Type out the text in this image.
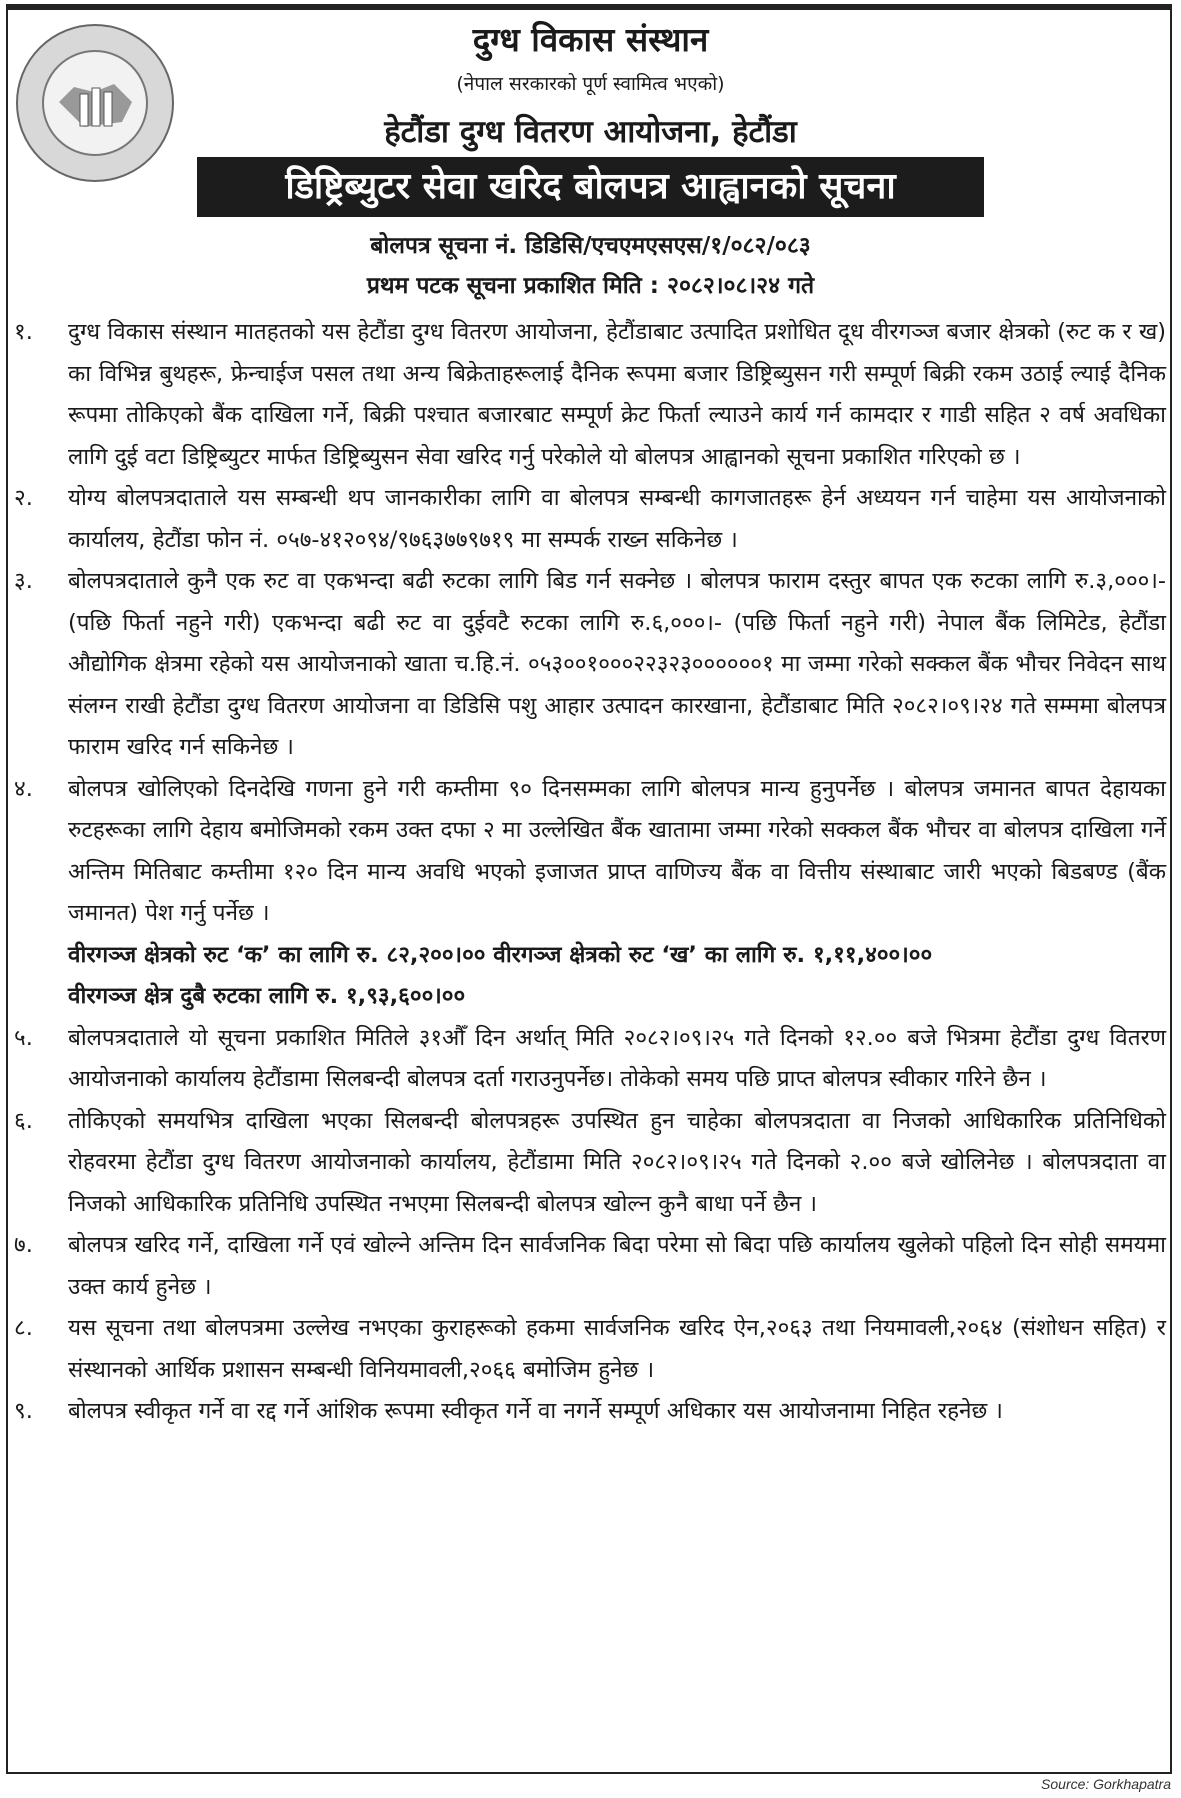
दुग्ध विकास संस्थान
(नेपाल सरकारको पूर्ण स्वामित्व भएको)
हेटौंडा दुग्ध वितरण आयोजना, हेटौंडा
डिष्ट्रिब्युटर सेवा खरिद बोलपत्र आह्वानको सूचना
बोलपत्र सूचना नं. डिडिसि/एचएमएसएस/१/०८२/०८३
प्रथम पटक सूचना प्रकाशित मिति : २०८२।०८।२४ गते
१.	दुग्ध विकास संस्थान मातहतको यस हेटौंडा दुग्ध वितरण आयोजना, हेटौंडाबाट उत्पादित प्रशोधित दूध वीरगञ्ज बजार क्षेत्रको (रुट क र ख) का विभिन्न बुथहरू, फ्रेन्चाईज पसल तथा अन्य बिक्रेताहरूलाई दैनिक रूपमा बजार डिष्ट्रिब्युसन गरी सम्पूर्ण बिक्री रकम उठाई ल्याई दैनिक रूपमा तोकिएको बैंक दाखिला गर्ने, बिक्री पश्चात बजारबाट सम्पूर्ण क्रेट फिर्ता ल्याउने कार्य गर्न कामदार र गाडी सहित २ वर्ष अवधिका लागि दुई वटा डिष्ट्रिब्युटर मार्फत डिष्ट्रिब्युसन सेवा खरिद गर्नु परेकोले यो बोलपत्र आह्वानको सूचना प्रकाशित गरिएको छ ।
२.	योग्य बोलपत्रदाताले यस सम्बन्धी थप जानकारीका लागि वा बोलपत्र सम्बन्धी कागजातहरू हेर्न अध्ययन गर्न चाहेमा यस आयोजनाको कार्यालय, हेटौंडा फोन नं. ०५७-४१२०९४/९७६३७७९७१९ मा सम्पर्क राख्न सकिनेछ ।
३.	बोलपत्रदाताले कुनै एक रुट वा एकभन्दा बढी रुटका लागि बिड गर्न सक्नेछ । बोलपत्र फाराम दस्तुर बापत एक रुटका लागि रु.३,०००।- (पछि फिर्ता नहुने गरी) एकभन्दा बढी रुट वा दुईवटै रुटका लागि रु.६,०००।- (पछि फिर्ता नहुने गरी) नेपाल बैंक लिमिटेड, हेटौंडा औद्योगिक क्षेत्रमा रहेको यस आयोजनाको खाता च.हि.नं. ०५३००१०००२२३२३००००००१ मा जम्मा गरेको सक्कल बैंक भौचर निवेदन साथ संलग्न राखी हेटौंडा दुग्ध वितरण आयोजना वा डिडिसि पशु आहार उत्पादन कारखाना, हेटौंडाबाट मिति २०८२।०९।२४ गते सम्ममा बोलपत्र फाराम खरिद गर्न सकिनेछ ।
४.	बोलपत्र खोलिएको दिनदेखि गणना हुने गरी कम्तीमा ९० दिनसम्मका लागि बोलपत्र मान्य हुनुपर्नेछ । बोलपत्र जमानत बापत देहायका रुटहरूका लागि देहाय बमोजिमको रकम उक्त दफा २ मा उल्लेखित बैंक खातामा जम्मा गरेको सक्कल बैंक भौचर वा बोलपत्र दाखिला गर्ने अन्तिम मितिबाट कम्तीमा १२० दिन मान्य अवधि भएको इजाजत प्राप्त वाणिज्य बैंक वा वित्तीय संस्थाबाट जारी भएको बिडबण्ड (बैंक जमानत) पेश गर्नु पर्नेछ ।
वीरगञ्ज क्षेत्रको रुट ‘क’ का लागि रु. ८२,२००।०० वीरगञ्ज क्षेत्रको रुट ‘ख’ का लागि रु. १,११,४००।००
वीरगञ्ज क्षेत्र दुबै रुटका लागि रु. १,९३,६००।००
५.	बोलपत्रदाताले यो सूचना प्रकाशित मितिले ३१औँ दिन अर्थात् मिति २०८२।०९।२५ गते दिनको १२.०० बजे भित्रमा हेटौंडा दुग्ध वितरण आयोजनाको कार्यालय हेटौंडामा सिलबन्दी बोलपत्र दर्ता गराउनुपर्नेछ। तोकेको समय पछि प्राप्त बोलपत्र स्वीकार गरिने छैन ।
६.	तोकिएको समयभित्र दाखिला भएका सिलबन्दी बोलपत्रहरू उपस्थित हुन चाहेका बोलपत्रदाता वा निजको आधिकारिक प्रतिनिधिको रोहवरमा हेटौंडा दुग्ध वितरण आयोजनाको कार्यालय, हेटौंडामा मिति २०८२।०९।२५ गते दिनको २.०० बजे खोलिनेछ । बोलपत्रदाता वा निजको आधिकारिक प्रतिनिधि उपस्थित नभएमा सिलबन्दी बोलपत्र खोल्न कुनै बाधा पर्ने छैन ।
७.	बोलपत्र खरिद गर्ने, दाखिला गर्ने एवं खोल्ने अन्तिम दिन सार्वजनिक बिदा परेमा सो बिदा पछि कार्यालय खुलेको पहिलो दिन सोही समयमा उक्त कार्य हुनेछ ।
८.	यस सूचना तथा बोलपत्रमा उल्लेख नभएका कुराहरूको हकमा सार्वजनिक खरिद ऐन,२०६३ तथा नियमावली,२०६४ (संशोधन सहित) र संस्थानको आर्थिक प्रशासन सम्बन्धी विनियमावली,२०६६ बमोजिम हुनेछ ।
९.	बोलपत्र स्वीकृत गर्ने वा रद्द गर्ने आंशिक रूपमा स्वीकृत गर्ने वा नगर्ने सम्पूर्ण अधिकार यस आयोजनामा निहित रहनेछ ।
Source: Gorkhapatra
